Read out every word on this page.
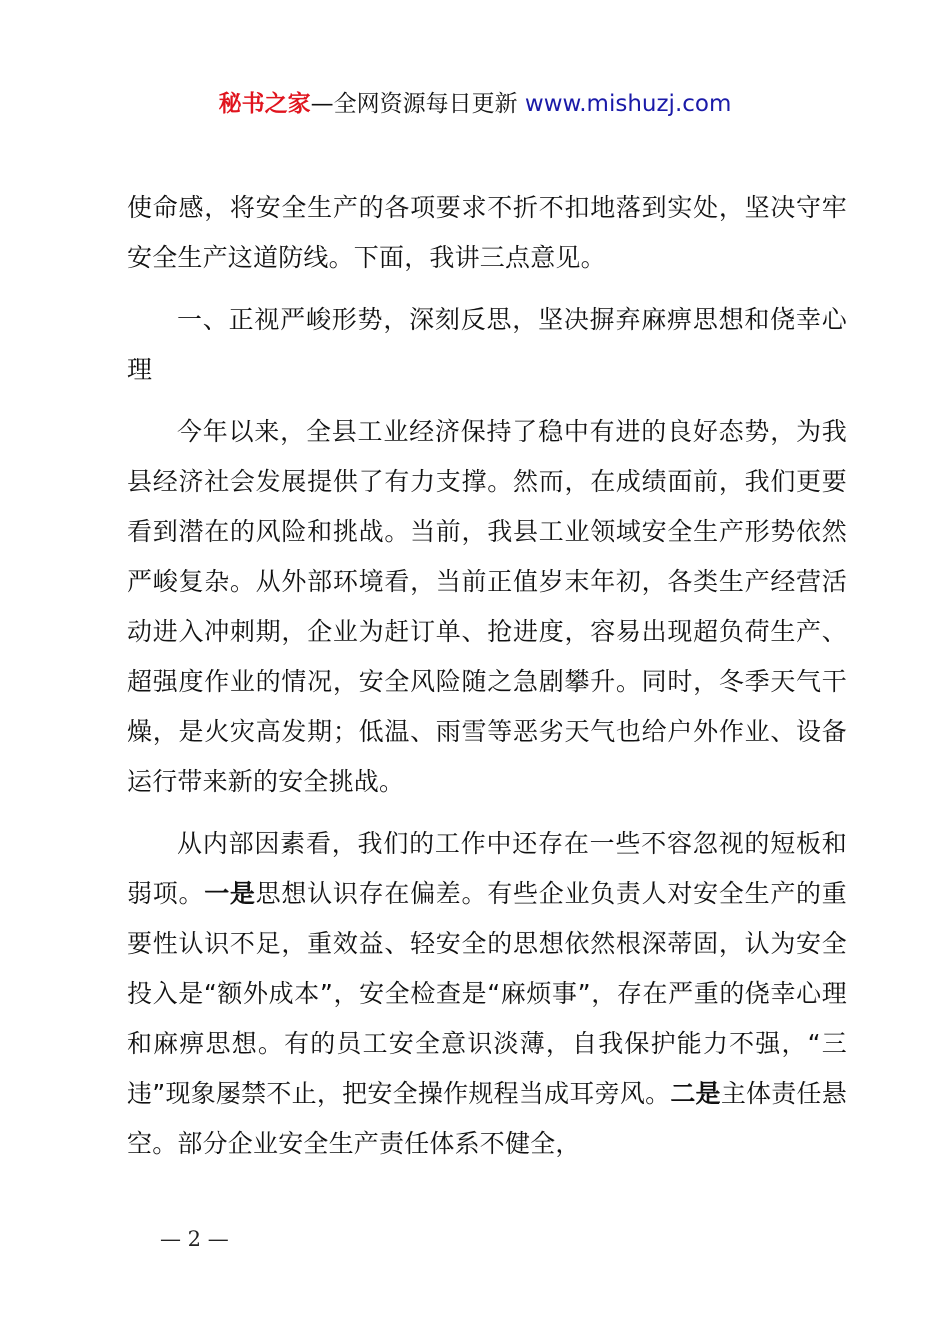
秘书之家—全网资源每日更新 www.mishuzj.com

使命感，将安全生产的各项要求不折不扣地落到实处，坚决守牢安全生产这道防线。下面，我讲三点意见。

一、正视严峻形势，深刻反思，坚决摒弃麻痹思想和侥幸心理

今年以来，全县工业经济保持了稳中有进的良好态势，为我县经济社会发展提供了有力支撑。然而，在成绩面前，我们更要看到潜在的风险和挑战。当前，我县工业领域安全生产形势依然严峻复杂。从外部环境看，当前正值岁末年初，各类生产经营活动进入冲刺期，企业为赶订单、抢进度，容易出现超负荷生产、超强度作业的情况，安全风险随之急剧攀升。同时，冬季天气干燥，是火灾高发期；低温、雨雪等恶劣天气也给户外作业、设备运行带来新的安全挑战。

从内部因素看，我们的工作中还存在一些不容忽视的短板和弱项。一是思想认识存在偏差。有些企业负责人对安全生产的重要性认识不足，重效益、轻安全的思想依然根深蒂固，认为安全投入是“额外成本”，安全检查是“麻烦事”，存在严重的侥幸心理和麻痹思想。有的员工安全意识淡薄，自我保护能力不强，“三违”现象屡禁不止，把安全操作规程当成耳旁风。二是主体责任悬空。部分企业安全生产责任体系不健全，

— 2 —
